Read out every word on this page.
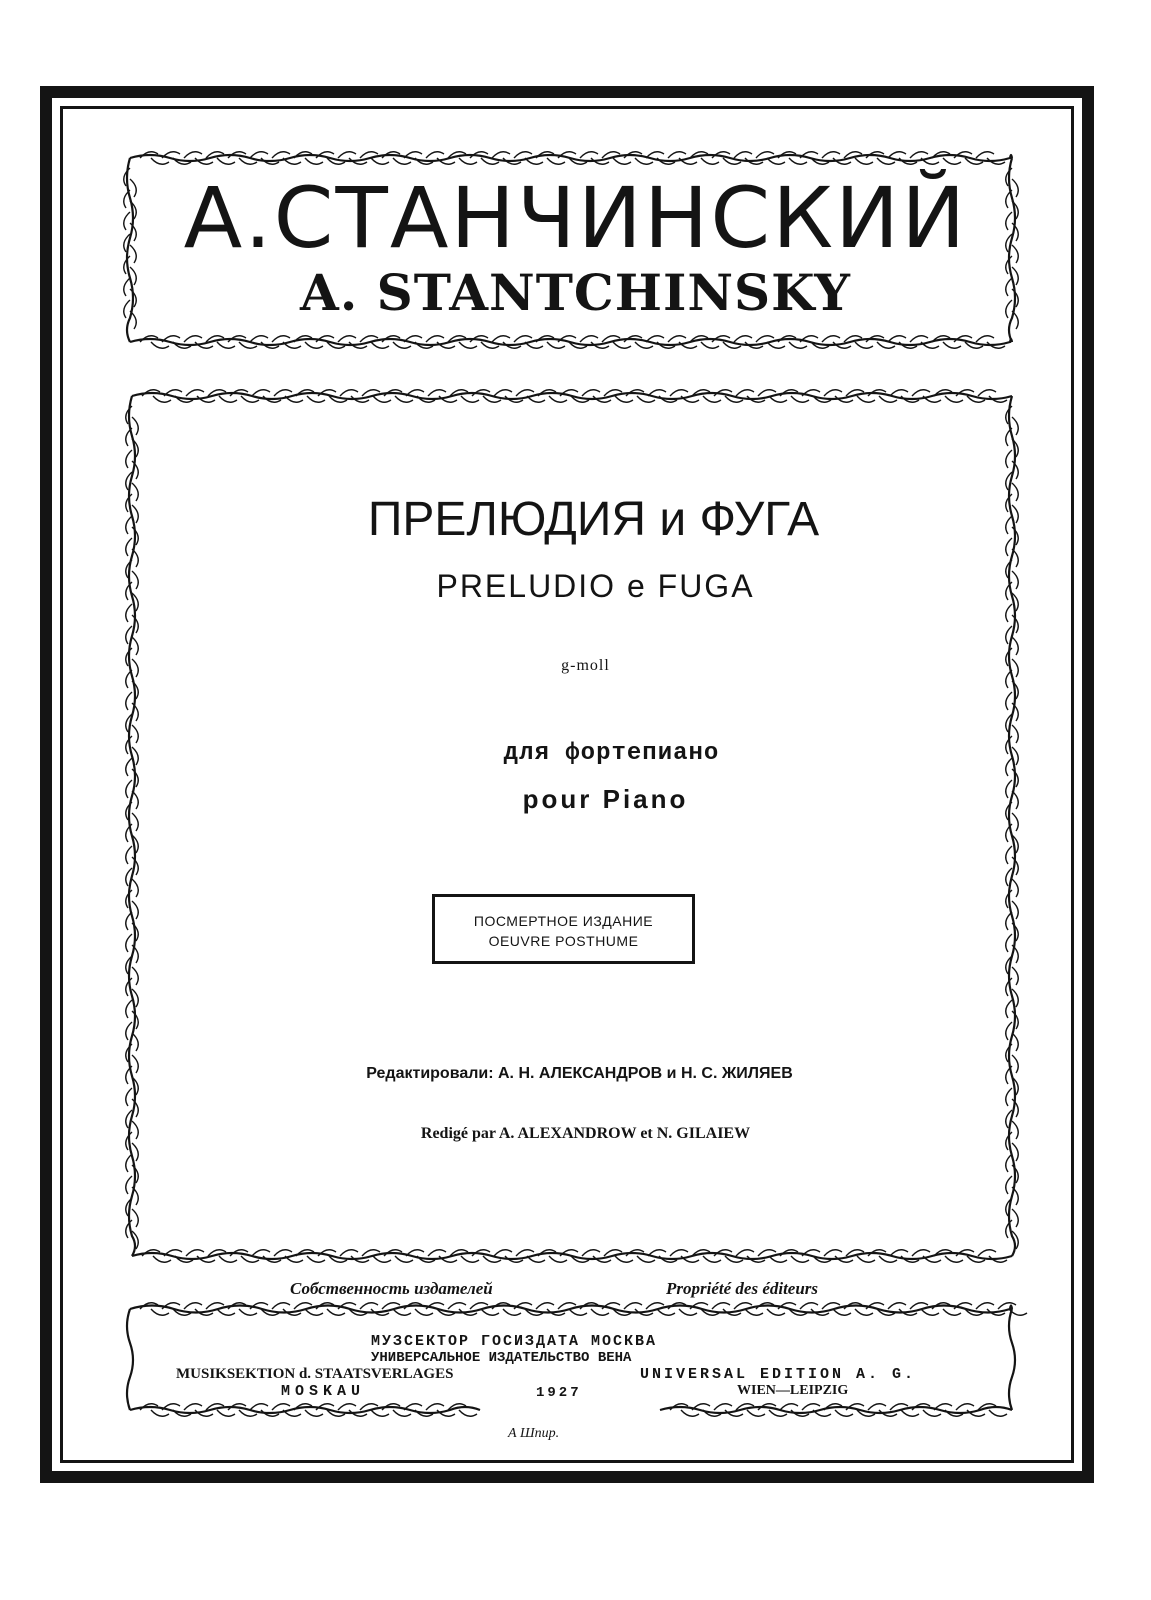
А.СТАНЧИНСКИЙ
A. STANTCHINSKY
ПРЕЛЮДИЯ и ФУГА
PRELUDIO e FUGA
g-moll
для фортепиано
pour Piano
ПОСМЕРТНОЕ ИЗДАНИЕ
OEUVRE POSTHUME
Редактировали: А. Н. АЛЕКСАНДРОВ и Н. С. ЖИЛЯЕВ
Redigé par A. ALEXANDROW et N. GILAIEW
Собственность издателей	Propriété des éditeurs
МУЗСЕКТОР ГОСИЗДАТА МОСКВА
УНИВЕРСАЛЬНОЕ ИЗДАТЕЛЬСТВО ВЕНА
MUSIKSEKTION d. STAATSVERLAGES	UNIVERSAL EDITION A. G.
MOSKAU	1927	WIEN—LEIPZIG
А Шпир.
